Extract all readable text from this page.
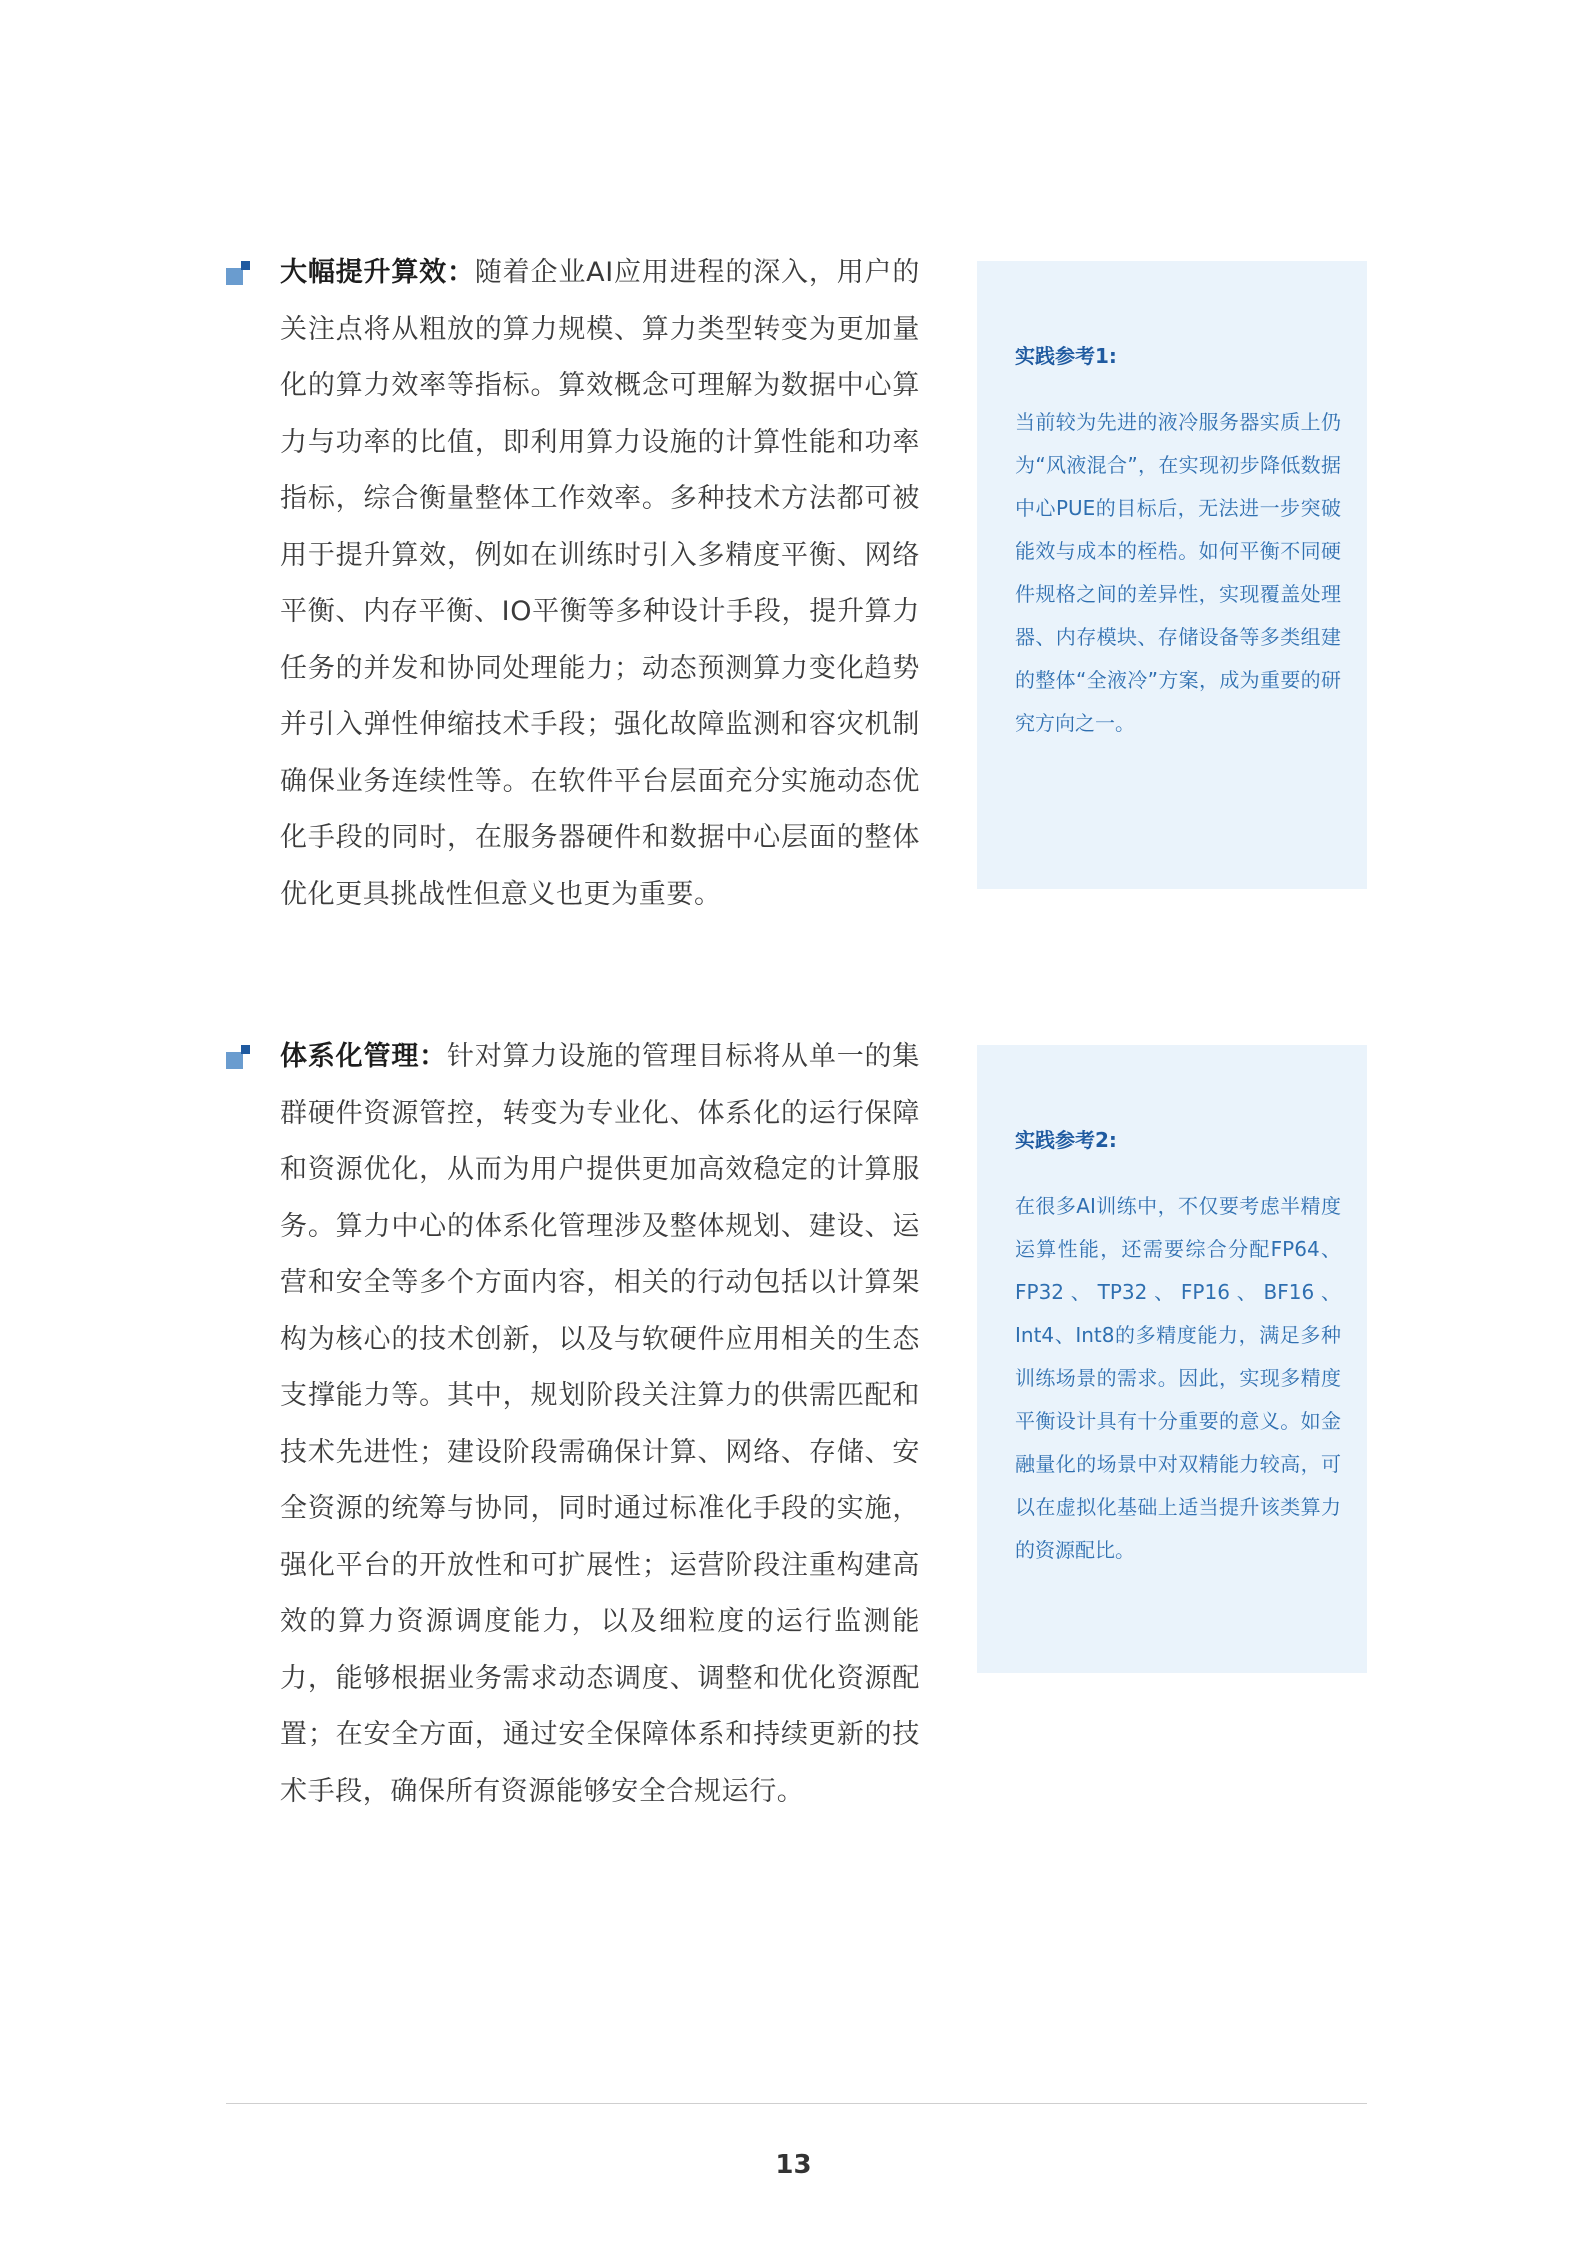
大幅提升算效：随着企业AI应用进程的深入，用户的关注点将从粗放的算力规模、算力类型转变为更加量化的算力效率等指标。算效概念可理解为数据中心算力与功率的比值，即利用算力设施的计算性能和功率指标，综合衡量整体工作效率。多种技术方法都可被用于提升算效，例如在训练时引入多精度平衡、网络平衡、内存平衡、IO平衡等多种设计手段，提升算力任务的并发和协同处理能力；动态预测算力变化趋势并引入弹性伸缩技术手段；强化故障监测和容灾机制确保业务连续性等。在软件平台层面充分实施动态优化手段的同时，在服务器硬件和数据中心层面的整体优化更具挑战性但意义也更为重要。

实践参考1:
当前较为先进的液冷服务器实质上仍为“风液混合”，在实现初步降低数据中心PUE的目标后，无法进一步突破能效与成本的桎梏。如何平衡不同硬件规格之间的差异性，实现覆盖处理器、内存模块、存储设备等多类组建的整体“全液冷”方案，成为重要的研究方向之一。

体系化管理：针对算力设施的管理目标将从单一的集群硬件资源管控，转变为专业化、体系化的运行保障和资源优化，从而为用户提供更加高效稳定的计算服务。算力中心的体系化管理涉及整体规划、建设、运营和安全等多个方面内容，相关的行动包括以计算架构为核心的技术创新，以及与软硬件应用相关的生态支撑能力等。其中，规划阶段关注算力的供需匹配和技术先进性；建设阶段需确保计算、网络、存储、安全资源的统筹与协同，同时通过标准化手段的实施，强化平台的开放性和可扩展性；运营阶段注重构建高效的算力资源调度能力，以及细粒度的运行监测能力，能够根据业务需求动态调度、调整和优化资源配置；在安全方面，通过安全保障体系和持续更新的技术手段，确保所有资源能够安全合规运行。

实践参考2:
在很多AI训练中，不仅要考虑半精度运算性能，还需要综合分配FP64、FP32、TP32、FP16、BF16、Int4、Int8的多精度能力，满足多种训练场景的需求。因此，实现多精度平衡设计具有十分重要的意义。如金融量化的场景中对双精能力较高，可以在虚拟化基础上适当提升该类算力的资源配比。
13
